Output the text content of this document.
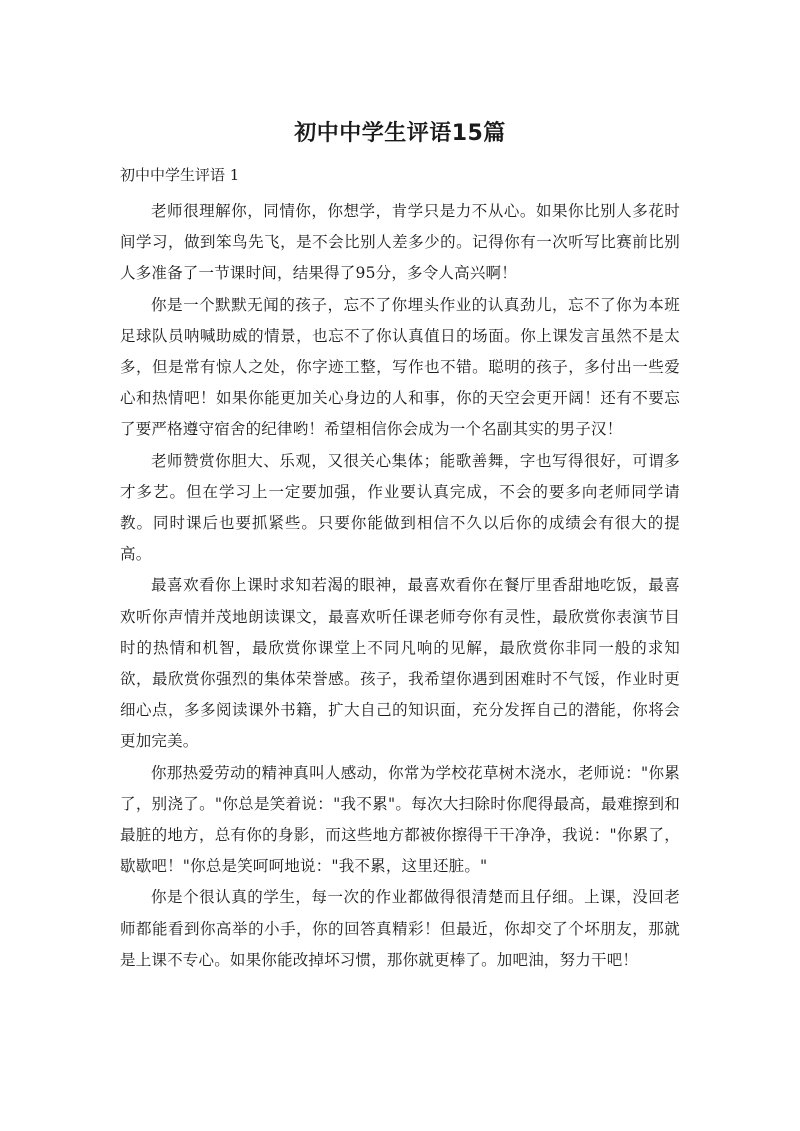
初中中学生评语15篇
初中中学生评语 1

老师很理解你，同情你，你想学，肯学只是力不从心。如果你比别人多花时间学习，做到笨鸟先飞，是不会比别人差多少的。记得你有一次听写比赛前比别人多准备了一节课时间，结果得了95分，多令人高兴啊！

你是一个默默无闻的孩子，忘不了你埋头作业的认真劲儿，忘不了你为本班足球队员呐喊助威的情景，也忘不了你认真值日的场面。你上课发言虽然不是太多，但是常有惊人之处，你字迹工整，写作也不错。聪明的孩子，多付出一些爱心和热情吧！如果你能更加关心身边的人和事，你的天空会更开阔！还有不要忘了要严格遵守宿舍的纪律哟！希望相信你会成为一个名副其实的男子汉！

老师赞赏你胆大、乐观，又很关心集体；能歌善舞，字也写得很好，可谓多才多艺。但在学习上一定要加强，作业要认真完成，不会的要多向老师同学请教。同时课后也要抓紧些。只要你能做到相信不久以后你的成绩会有很大的提高。

最喜欢看你上课时求知若渴的眼神，最喜欢看你在餐厅里香甜地吃饭，最喜欢听你声情并茂地朗读课文，最喜欢听任课老师夸你有灵性，最欣赏你表演节目时的热情和机智，最欣赏你课堂上不同凡响的见解，最欣赏你非同一般的求知欲，最欣赏你强烈的集体荣誉感。孩子，我希望你遇到困难时不气馁，作业时更细心点，多多阅读课外书籍，扩大自己的知识面，充分发挥自己的潜能，你将会更加完美。

你那热爱劳动的精神真叫人感动，你常为学校花草树木浇水，老师说："你累了，别浇了。"你总是笑着说："我不累"。每次大扫除时你爬得最高，最难擦到和最脏的地方，总有你的身影，而这些地方都被你擦得干干净净，我说："你累了，歇歇吧！"你总是笑呵呵地说："我不累，这里还脏。"

你是个很认真的学生，每一次的作业都做得很清楚而且仔细。上课，没回老师都能看到你高举的小手，你的回答真精彩！但最近，你却交了个坏朋友，那就是上课不专心。如果你能改掉坏习惯，那你就更棒了。加吧油，努力干吧！
